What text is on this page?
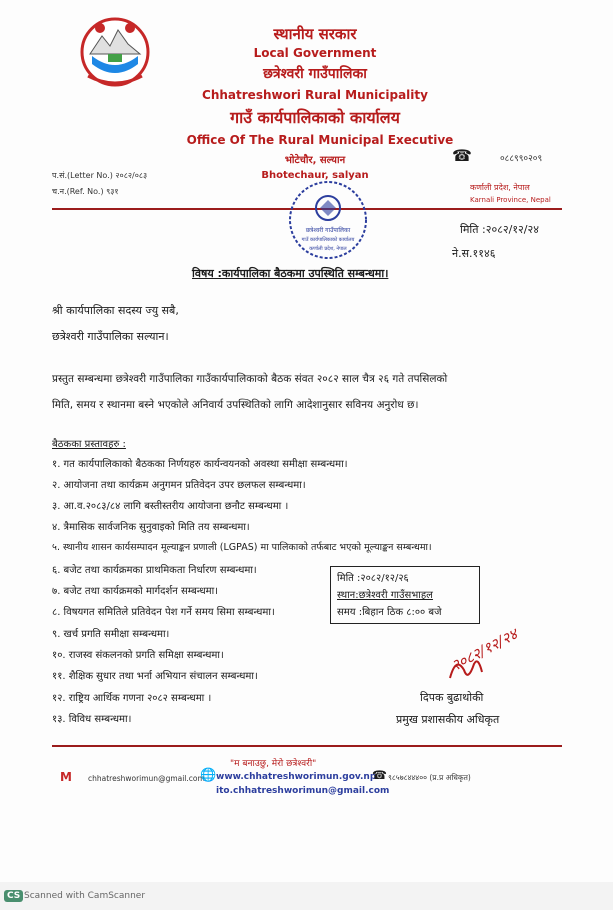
स्थानीय सरकार
Local Government
छत्रेश्वरी गाउँपालिका
Chhatreshwori Rural Municipality
गाउँ कार्यपालिकाको कार्यालय
Office Of The Rural Municipal Executive
भोटेचौर, सल्यान
Bhotechaur, salyan
☎	०८८९९०२०९
प.सं.(Letter No.) २०८२/०८३
च.न.(Ref. No.) ९३१	कर्णाली प्रदेश, नेपाल
Karnali Province, Nepal
मिति :२०८२/१२/२४
ने.स.११४६
छत्रेश्वरी गाउँपालिका
गाउँ कार्यपालिकाको कार्यालय
कर्णाली प्रदेश, नेपाल
विषय :कार्यपालिका बैठकमा उपस्थिति सम्बन्धमा।
श्री कार्यपालिका सदस्य ज्यु सबै,
छत्रेश्वरी गाउँपालिका सल्यान।
प्रस्तुत सम्बन्धमा छत्रेश्वरी गाउँपालिका गाउँकार्यपालिकाको बैठक संवत २०८२ साल चैत्र २६ गते तपसिलको
मिति, समय र स्थानमा बस्ने भएकोले अनिवार्य उपस्थितिको लागि आदेशानुसार सविनय अनुरोध छ।
बैठकका प्रस्तावहरु :
१. गत कार्यपालिकाको बैठकका निर्णयहरु कार्यन्वयनको अवस्था समीक्षा सम्बन्धमा।
२. आयोजना तथा कार्यक्रम अनुगमन प्रतिवेदन उपर छलफल सम्बन्धमा।
३. आ.व.२०८३/८४ लागि बस्तीस्तरीय आयोजना छनौट सम्बन्धमा ।
४. त्रैमासिक सार्वजनिक सुनुवाइको मिति तय सम्बन्धमा।
५. स्थानीय शासन कार्यसम्पादन मूल्याङ्कन प्रणाली (LGPAS) मा पालिकाको तर्फबाट भएको मूल्याङ्कन सम्बन्धमा।
६. बजेट तथा कार्यक्रमका प्राथमिकता निर्धारण सम्बन्धमा।
७. बजेट तथा कार्यक्रमको मार्गदर्शन सम्बन्धमा।
८. विषयगत समितिले प्रतिवेदन पेश गर्ने समय सिमा सम्बन्धमा।
९. खर्च प्रगति समीक्षा सम्बन्धमा।
१०. राजस्व संकलनको प्रगति समिक्षा सम्बन्धमा।
११. शैक्षिक सुधार तथा भर्ना अभियान संचालन सम्बन्धमा।
१२. राष्ट्रिय आर्थिक गणना २०८२ सम्बन्धमा ।
१३. विविध सम्बन्धमा।
मिति :२०८२/१२/२६
स्थान:छत्रेश्वरी गाउँसभाहल
समय :बिहान ठिक ८:०० बजे
२०८२/१२/२४
दिपक बुढाथोकी
प्रमुख प्रशासकीय अधिकृत
"म बनाउछु, मेरो छत्रेश्वरी"
M chhatreshworimun@gmail.com
🌐 www.chhatreshworimun.gov.np
ito.chhatreshworimun@gmail.com
☎ ९८५७८४४४०० (प्र.प्र अधिकृत)
CS Scanned with CamScanner
